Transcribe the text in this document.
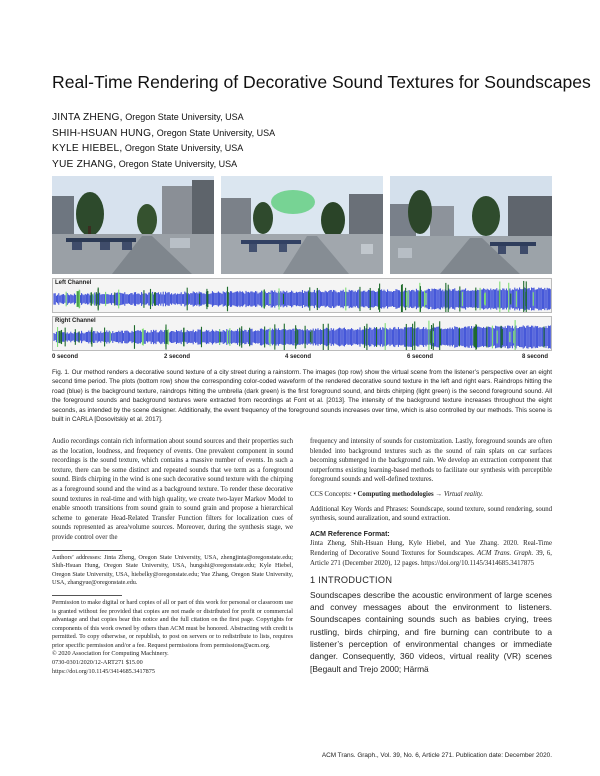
Real-Time Rendering of Decorative Sound Textures for Soundscapes
JINTA ZHENG, Oregon State University, USA
SHIH-HSUAN HUNG, Oregon State University, USA
KYLE HIEBEL, Oregon State University, USA
YUE ZHANG, Oregon State University, USA
Left Channel
Right Channel
0 second	2 second	4 second	6 second	8 second
Fig. 1. Our method renders a decorative sound texture of a city street during a rainstorm. The images (top row) show the virtual scene from the listener’s perspective over an eight second time period. The plots (bottom row) show the corresponding color-coded waveform of the rendered decorative sound texture in the left and right ears. Raindrops hitting the road (blue) is the background texture, raindrops hitting the umbrella (dark green) is the first foreground sound, and birds chirping (light green) is the second foreground sound. All the foreground sounds and background textures were extracted from recordings at Font et al. [2013]. The intensity of the background texture increases throughout the eight seconds, as intended by the scene designer. Additionally, the event frequency of the foreground sounds increases over time, which is also controlled by our methods. This scene is built in CARLA [Dosovitskiy et al. 2017].

Audio recordings contain rich information about sound sources and their properties such as the location, loudness, and frequency of events. One prevalent component in sound recordings is the sound texture, which contains a massive number of events. In such a texture, there can be some distinct and repeated sounds that we term as a foreground sound. Birds chirping in the wind is one such decorative sound texture with the chirping as a foreground sound and the wind as a background texture. To render these decorative sound textures in real-time and with high quality, we create two-layer Markov Model to enable smooth transitions from sound grain to sound grain and propose a hierarchical scheme to generate Head-Related Transfer Function filters for localization cues of sounds represented as area/volume sources. Moreover, during the synthesis stage, we provide control over the

Authors’ addresses: Jinta Zheng, Oregon State University, USA, zhengjinta@oregonstate.edu; Shih-Hsuan Hung, Oregon State University, USA, hungshi@oregonstate.edu; Kyle Hiebel, Oregon State University, USA, hiebelky@oregonstate.edu; Yue Zhang, Oregon State University, USA, zhangyue@oregonstate.edu.

Permission to make digital or hard copies of all or part of this work for personal or classroom use is granted without fee provided that copies are not made or distributed for profit or commercial advantage and that copies bear this notice and the full citation on the first page. Copyrights for components of this work owned by others than ACM must be honored. Abstracting with credit is permitted. To copy otherwise, or republish, to post on servers or to redistribute to lists, requires prior specific permission and/or a fee. Request permissions from permissions@acm.org.

© 2020 Association for Computing Machinery.

0730-0301/2020/12-ART271 $15.00

https://doi.org/10.1145/3414685.3417875

frequency and intensity of sounds for customization. Lastly, foreground sounds are often blended into background textures such as the sound of rain splats on car surfaces becoming submerged in the background rain. We develop an extraction component that outperforms existing learning-based methods to facilitate our synthesis with perceptible foreground sounds and well-defined textures.

CCS Concepts: • Computing methodologies → Virtual reality.

Additional Key Words and Phrases: Soundscape, sound texture, sound rendering, sound synthesis, sound auralization, and sound extraction.

ACM Reference Format:

Jinta Zheng, Shih-Hsuan Hung, Kyle Hiebel, and Yue Zhang. 2020. Real-Time Rendering of Decorative Sound Textures for Soundscapes. ACM Trans. Graph. 39, 6, Article 271 (December 2020), 12 pages. https://doi.org/10.1145/3414685.3417875

1 INTRODUCTION

Soundscapes describe the acoustic environment of large scenes and convey messages about the environment to listeners. Soundscapes containing sounds such as babies crying, trees rustling, birds chirping, and fire burning can contribute to a listener’s perception of environmental changes or immediate danger. Consequently, 360 videos, virtual reality (VR) scenes [Begault and Trejo 2000; Härmä

ACM Trans. Graph., Vol. 39, No. 6, Article 271. Publication date: December 2020.
